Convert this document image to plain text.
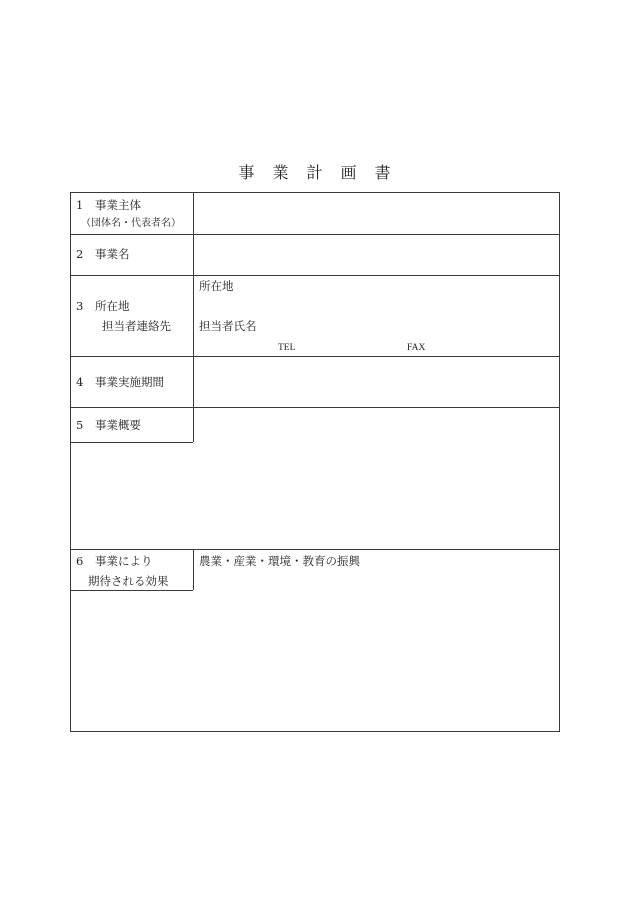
事　業　計　画　書
1 事業主体
（団体名・代表者名）
2 事業名
3 所在地
担当者連絡先
所在地
担当者氏名
TEL	FAX
4 事業実施期間
5 事業概要
6 事業により
期待される効果
農業・産業・環境・教育の振興
